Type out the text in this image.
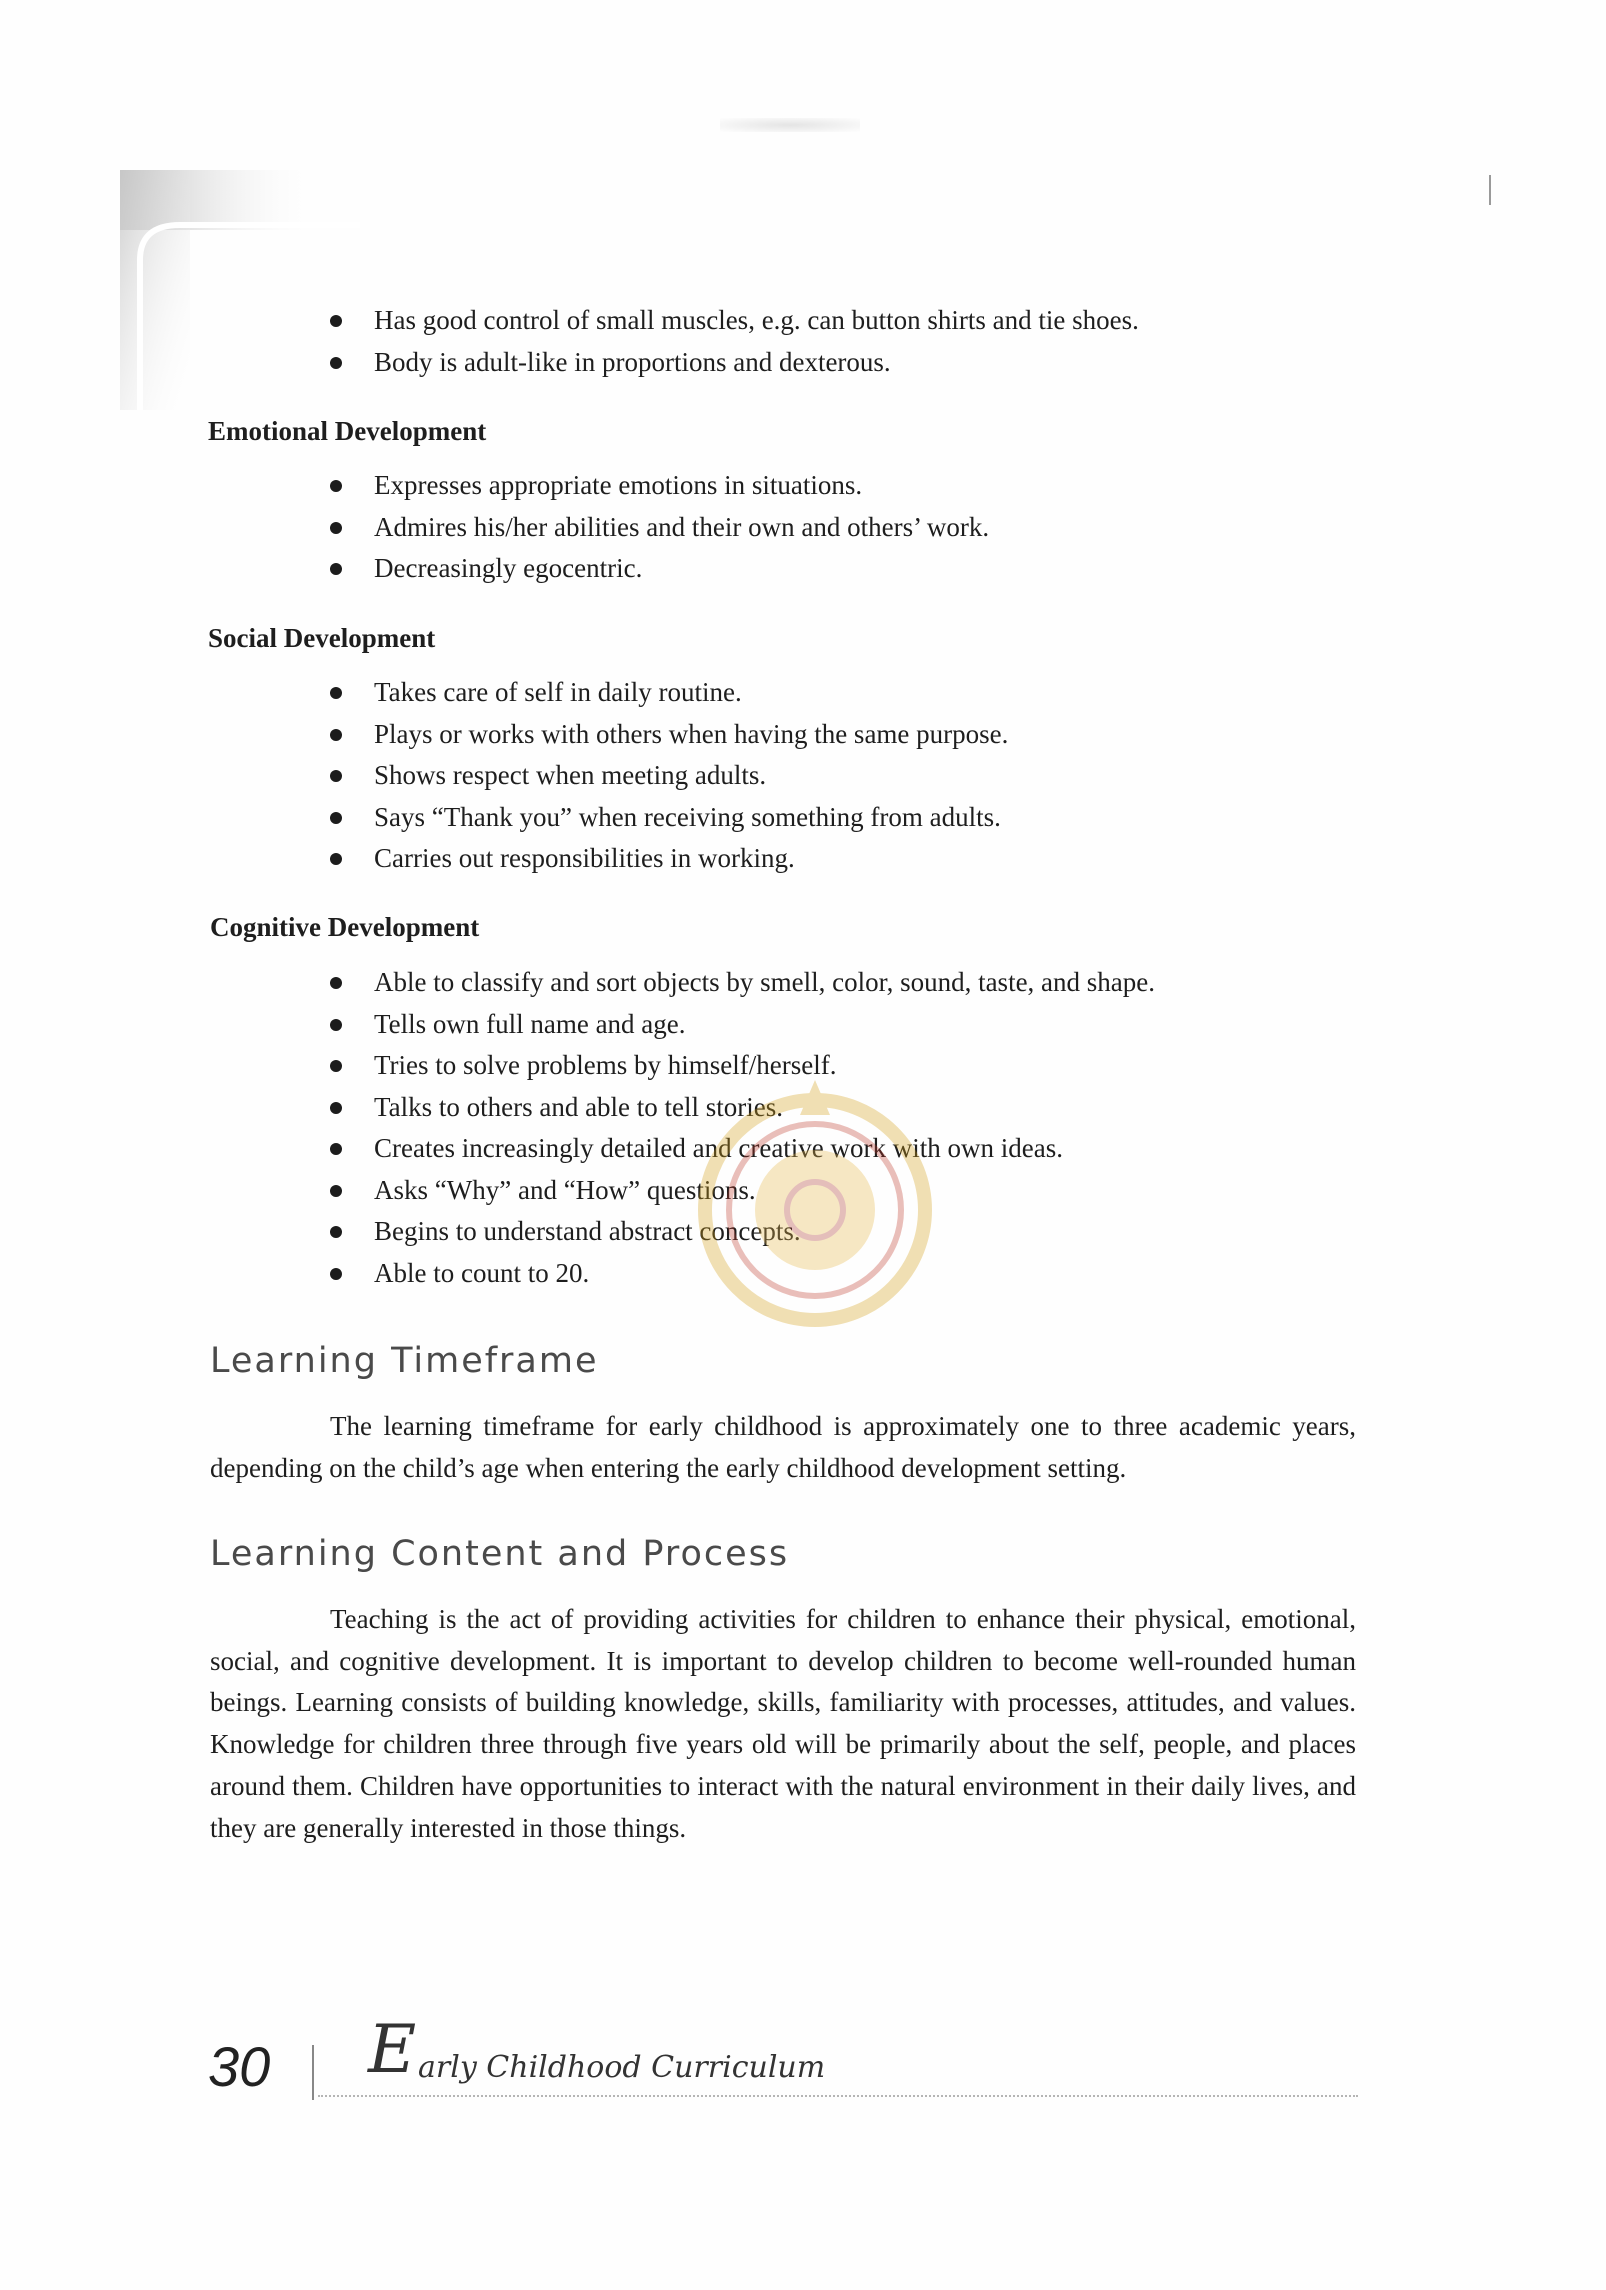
Has good control of small muscles, e.g. can button shirts and tie shoes.
Body is adult-like in proportions and dexterous.
Emotional Development
Expresses appropriate emotions in situations.
Admires his/her abilities and their own and others’ work.
Decreasingly egocentric.
Social Development
Takes care of self in daily routine.
Plays or works with others when having the same purpose.
Shows respect when meeting adults.
Says “Thank you” when receiving something from adults.
Carries out responsibilities in working.
Cognitive Development
Able to classify and sort objects by smell, color, sound, taste, and shape.
Tells own full name and age.
Tries to solve problems by himself/herself.
Talks to others and able to tell stories.
Creates increasingly detailed and creative work with own ideas.
Asks “Why” and “How” questions.
Begins to understand abstract concepts.
Able to count to 20.
Learning Timeframe

The learning timeframe for early childhood is approximately one to three academic years, depending on the child’s age when entering the early childhood development setting.

Learning Content and Process

Teaching is the act of providing activities for children to enhance their physical, emotional, social, and cognitive development. It is important to develop children to become well-rounded human beings. Learning consists of building knowledge, skills, familiarity with processes, attitudes, and values. Knowledge for children three through five years old will be primarily about the self, people, and places around them. Children have opportunities to interact with the natural environment in their daily lives, and they are generally interested in those things.

30 E arly Childhood Curriculum
